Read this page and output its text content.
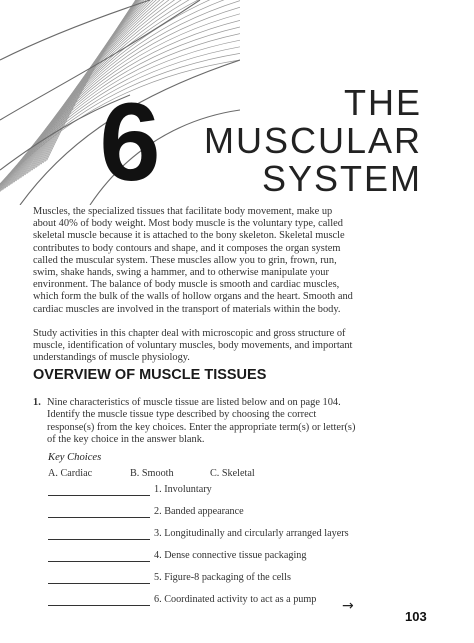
6	THE
MUSCULAR
SYSTEM

Muscles, the specialized tissues that facilitate body movement, make up about 40% of body weight. Most body muscle is the voluntary type, called skeletal muscle because it is attached to the bony skeleton. Skeletal muscle contributes to body contours and shape, and it composes the organ system called the muscular system. These muscles allow you to grin, frown, run, swim, shake hands, swing a hammer, and to otherwise manipulate your environment. The balance of body muscle is smooth and cardiac muscles, which form the bulk of the walls of hollow organs and the heart. Smooth and cardiac muscles are involved in the transport of materials within the body.

Study activities in this chapter deal with microscopic and gross structure of muscle, identification of voluntary muscles, body movements, and important understandings of muscle physiology.

OVERVIEW OF MUSCLE TISSUES
1. Nine characteristics of muscle tissue are listed below and on page 104. Identify the muscle tissue type described by choosing the correct response(s) from the key choices. Enter the appropriate term(s) or letter(s) of the key choice in the answer blank.
Key Choices
A. Cardiac	B. Smooth	C. Skeletal
1. Involuntary
2. Banded appearance
3. Longitudinally and circularly arranged layers
4. Dense connective tissue packaging
5. Figure-8 packaging of the cells
6. Coordinated activity to act as a pump →
103
